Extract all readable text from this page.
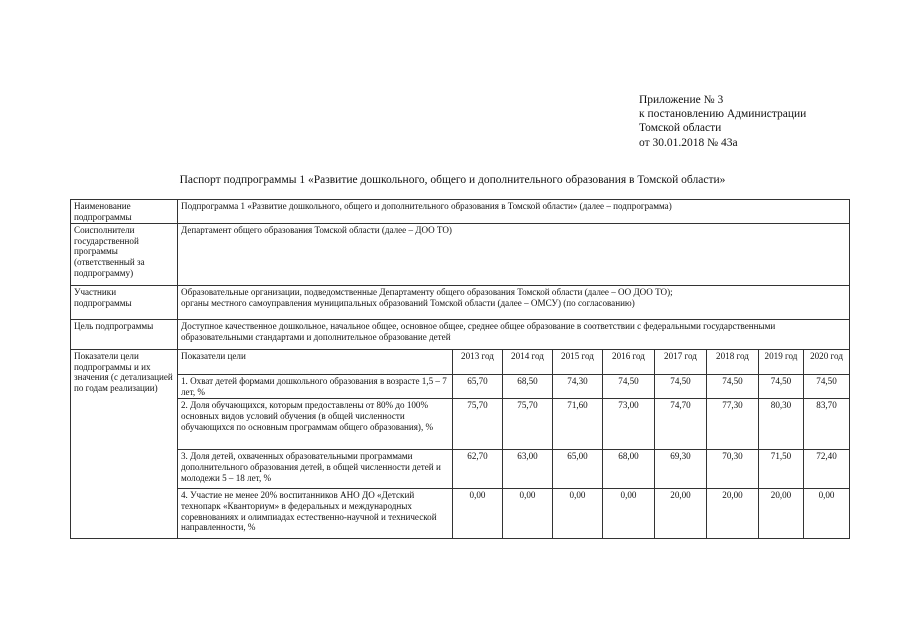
Приложение № 3
к постановлению Администрации
Томской области
от 30.01.2018 № 43а
Паспорт подпрограммы 1 «Развитие дошкольного, общего и дополнительного образования в Томской области»
Наименование подпрограммы	Подпрограмма 1 «Развитие дошкольного, общего и дополнительного образования в Томской области» (далее – подпрограмма)								
Соисполнители государственной программы (ответственный за подпрограмму)	Департамент общего образования Томской области (далее – ДОО ТО)								
Участники подпрограммы	Образовательные организации, подведомственные Департаменту общего образования Томской области (далее – ОО ДОО ТО);
органы местного самоуправления муниципальных образований Томской области (далее – ОМСУ) (по согласованию)								

Цель подпрограммы	Доступное качественное дошкольное, начальное общее, основное общее, среднее общее образование в соответствии с федеральными государственными образовательными стандартами и дополнительное образование детей								
Показатели цели подпрограммы и их значения (с детализацией по годам реализации)	Показатели цели	2013 год	2014 год	2015 год	2016 год	2017 год	2018 год	2019 год	2020 год
	1. Охват детей формами дошкольного образования в возрасте 1,5 – 7 лет, %	65,70	68,50	74,30	74,50	74,50	74,50	74,50	74,50
	2. Доля обучающихся, которым предоставлены от 80% до 100% основных видов условий обучения (в общей численности обучающихся по основным программам общего образования), %	75,70	75,70	71,60	73,00	74,70	77,30	80,30	83,70
	3. Доля детей, охваченных образовательными программами дополнительного образования детей, в общей численности детей и молодежи 5 – 18 лет, %	62,70	63,00	65,00	68,00	69,30	70,30	71,50	72,40
	4. Участие не менее 20% воспитанников АНО ДО «Детский технопарк «Кванториум» в федеральных и международных соревнованиях и олимпиадах естественно-научной и технической направленности, %	0,00	0,00	0,00	0,00	20,00	20,00	20,00	0,00
